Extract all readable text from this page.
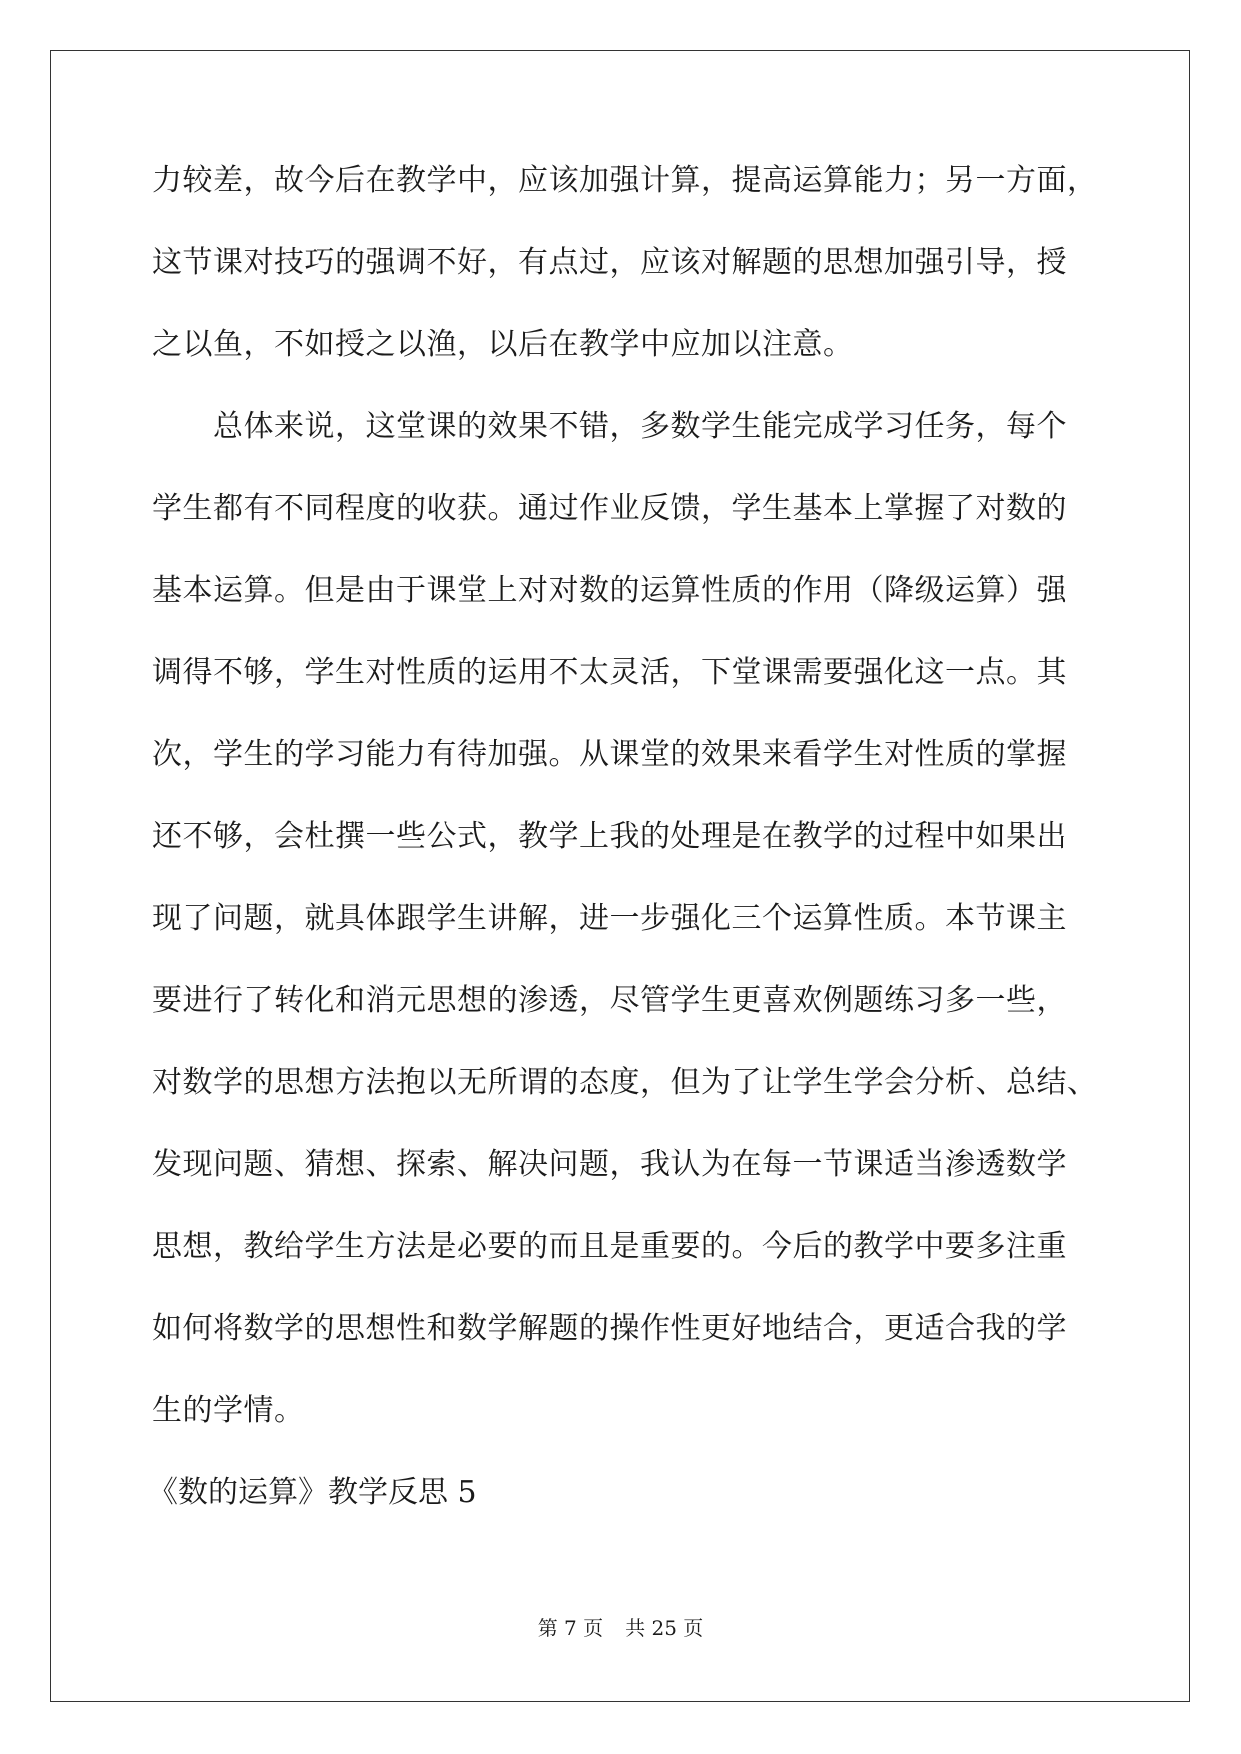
力较差，故今后在教学中，应该加强计算，提高运算能力；另一方面，
这节课对技巧的强调不好，有点过，应该对解题的思想加强引导，授
之以鱼，不如授之以渔，以后在教学中应加以注意。
　　总体来说，这堂课的效果不错，多数学生能完成学习任务，每个
学生都有不同程度的收获。通过作业反馈，学生基本上掌握了对数的
基本运算。但是由于课堂上对对数的运算性质的作用（降级运算）强
调得不够，学生对性质的运用不太灵活，下堂课需要强化这一点。其
次，学生的学习能力有待加强。从课堂的效果来看学生对性质的掌握
还不够，会杜撰一些公式，教学上我的处理是在教学的过程中如果出
现了问题，就具体跟学生讲解，进一步强化三个运算性质。本节课主
要进行了转化和消元思想的渗透，尽管学生更喜欢例题练习多一些，
对数学的思想方法抱以无所谓的态度，但为了让学生学会分析、总结、
发现问题、猜想、探索、解决问题，我认为在每一节课适当渗透数学
思想，教给学生方法是必要的而且是重要的。今后的教学中要多注重
如何将数学的思想性和数学解题的操作性更好地结合，更适合我的学
生的学情。
《数的运算》教学反思 5
第 7 页 共 25 页
